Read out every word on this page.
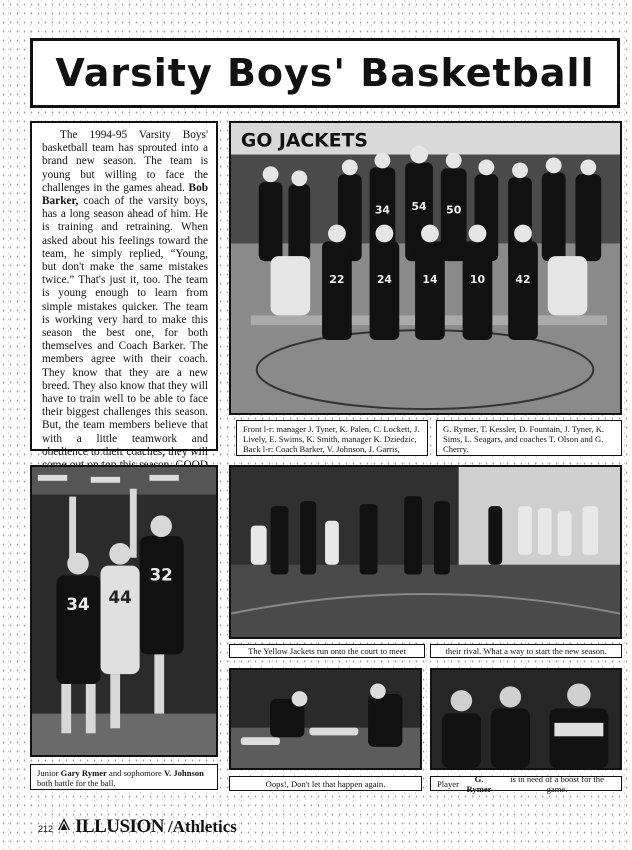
Varsity Boys' Basketball

The 1994-95 Varsity Boys' basketball team has sprouted into a brand new season. The team is young but willing to face the challenges in the games ahead. Bob Barker, coach of the varsity boys, has a long season ahead of him. He is training and retraining. When asked about his feelings toward the team, he simply replied, “Young, but don't make the same mistakes twice.” That's just it, too. The team is young enough to learn from simple mistakes quicker. The team is working very hard to make this season the best one, for both themselves and Coach Barker. The members agree with their coach. They know that they are a new breed. They also know that they will have to train well to be able to face their biggest challenges this season. But, the team members believe that with a little teamwork and obedience to their coaches, they will

GO JACKETS
34 54 50
22	24	14	10	42
Front l-r: manager J. Tyner, K. Palen, C. Lockett, J. Lively, E. Swims, K. Smith, manager K. Dziedzic, Back l-r: Coach Barker, V. Johnson, J. Garris,
G. Rymer, T. Kessler, D. Fountain, J. Tyner, K. Sims, L. Seagars, and coaches T. Olson and G. Cherry.
34 44
32
Junior Gary Rymer and sophomore V. Johnson both battle for the ball.
The Yellow Jackets run onto the court to meet	their rival. What a way to start the new season.
Oops!, Don't let that happen again.	Player
	G. Rymer

is in need of a boost for the game.
212 ILLUSION /Athletics
